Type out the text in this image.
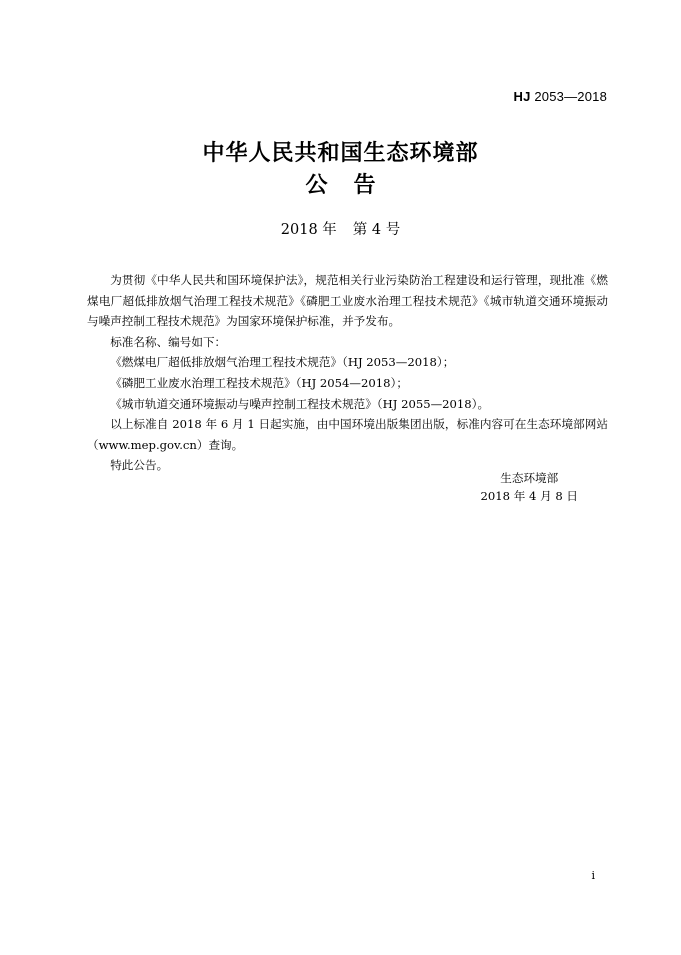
HJ 2053—2018
中华人民共和国生态环境部
公 告
2018 年 第 4 号

为贯彻《中华人民共和国环境保护法》，规范相关行业污染防治工程建设和运行管理，现批准《燃煤电厂超低排放烟气治理工程技术规范》《磷肥工业废水治理工程技术规范》《城市轨道交通环境振动与噪声控制工程技术规范》为国家环境保护标准，并予发布。

标准名称、编号如下：

《燃煤电厂超低排放烟气治理工程技术规范》（HJ 2053—2018）；

《磷肥工业废水治理工程技术规范》（HJ 2054—2018）；

《城市轨道交通环境振动与噪声控制工程技术规范》（HJ 2055—2018）。

以上标准自 2018 年 6 月 1 日起实施，由中国环境出版集团出版，标准内容可在生态环境部网站（www.mep.gov.cn）查询。

特此公告。

生态环境部
2018 年 4 月 8 日
i
